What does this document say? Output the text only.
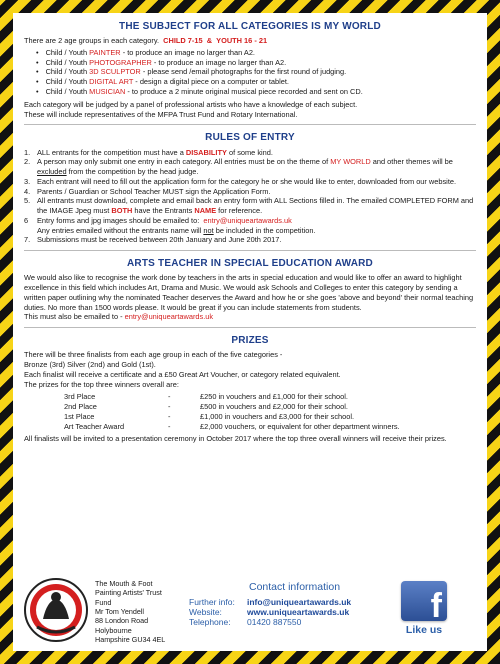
THE SUBJECT FOR ALL CATEGORIES IS MY WORLD
There are 2 age groups in each category. CHILD 7-15 & YOUTH 16 - 21
• Child / Youth PAINTER - to produce an image no larger than A2.
• Child / Youth PHOTOGRAPHER - to produce an image no larger than A2.
• Child / Youth 3D SCULPTOR - please send /email photographs for the first round of judging.
• Child / Youth DIGITAL ART - design a digital piece on a computer or tablet.
• Child / Youth MUSICIAN - to produce a 2 minute original musical piece recorded and sent on CD.
Each category will be judged by a panel of professional artists who have a knowledge of each subject.
These will include representatives of the MFPA Trust Fund and Rotary International.
RULES OF ENTRY
1. ALL entrants for the competition must have a DISABILITY of some kind.
2. A person may only submit one entry in each category. All entries must be on the theme of MY WORLD and other themes will be excluded from the competition by the head judge.
3. Each entrant will need to fill out the application form for the category he or she would like to enter, downloaded from our website.
4. Parents / Guardian or School Teacher MUST sign the Application Form.
5. All entrants must download, complete and email back an entry form with ALL Sections filled in. The emailed COMPLETED FORM and the IMAGE Jpeg must BOTH have the Entrants NAME for reference.
6	Entry forms and jpg images should be emailed to: entry@uniqueartawards.uk
Any entries emailed without the entrants name will not be included in the competition.
7. Submissions must be received between 20th January and June 20th 2017.
ARTS TEACHER IN SPECIAL EDUCATION AWARD
We would also like to recognise the work done by teachers in the arts in special education and would like to offer an award to highlight excellence in this field which includes Art, Drama and Music. We would ask Schools and Colleges to enter this category by sending a written paper outlining why the nominated Teacher deserves the Award and how he or she goes 'above and beyond' their normal teaching duties. No more than 1500 words please. It would be great if you can include statements from students.
This must also be emailed to - entry@uniqueartawards.uk
PRIZES
There will be three finalists from each age group in each of the five categories -
Bronze (3rd) Silver (2nd) and Gold (1st).
Each finalist will receive a certificate and a £50 Great Art Voucher, or category related equivalent.
The prizes for the top three winners overall are:
3rd Place	-	£250 in vouchers and £1,000 for their school.
2nd Place	-	£500 in vouchers and £2,000 for their school.
1st Place	-	£1,000 in vouchers and £3,000 for their school.
Art Teacher Award	-	£2,000 vouchers, or equivalent for other department winners.
All finalists will be invited to a presentation ceremony in October 2017 where the top three overall winners will receive their prizes.
The Mouth & Foot
Painting Artists' Trust Fund
Mr Tom Yendell
88 London Road
Holybourne
Hampshire GU34 4EL
Contact information
Further info:	info@uniqueartawards.uk
Website:	www.uniqueartawards.uk
Telephone:	01420 887550	f
Like us
